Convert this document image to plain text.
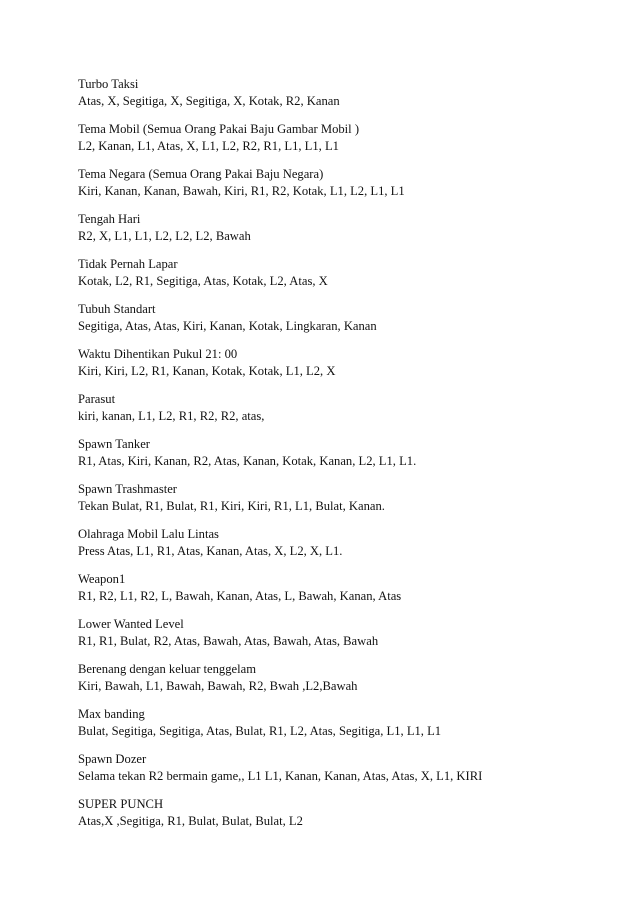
Turbo Taksi
Atas, X, Segitiga, X, Segitiga, X, Kotak, R2, Kanan
Tema Mobil (Semua Orang Pakai Baju Gambar Mobil )
L2, Kanan, L1, Atas, X, L1, L2, R2, R1, L1, L1, L1
Tema Negara (Semua Orang Pakai Baju Negara)
Kiri, Kanan, Kanan, Bawah, Kiri, R1, R2, Kotak, L1, L2, L1, L1
Tengah Hari
R2, X, L1, L1, L2, L2, L2, Bawah
Tidak Pernah Lapar
Kotak, L2, R1, Segitiga, Atas, Kotak, L2, Atas, X
Tubuh Standart
Segitiga, Atas, Atas, Kiri, Kanan, Kotak, Lingkaran, Kanan
Waktu Dihentikan Pukul 21: 00
Kiri, Kiri, L2, R1, Kanan, Kotak, Kotak, L1, L2, X
Parasut
kiri, kanan, L1, L2, R1, R2, R2, atas,
Spawn Tanker
R1, Atas, Kiri, Kanan, R2, Atas, Kanan, Kotak, Kanan, L2, L1, L1.
Spawn Trashmaster
Tekan Bulat, R1, Bulat, R1, Kiri, Kiri, R1, L1, Bulat, Kanan.
Olahraga Mobil Lalu Lintas
Press Atas, L1, R1, Atas, Kanan, Atas, X, L2, X, L1.
Weapon1
R1, R2, L1, R2, L, Bawah, Kanan, Atas, L, Bawah, Kanan, Atas
Lower Wanted Level
R1, R1, Bulat, R2, Atas, Bawah, Atas, Bawah, Atas, Bawah
Berenang dengan keluar tenggelam
Kiri, Bawah, L1, Bawah, Bawah, R2, Bwah ,L2,Bawah
Max banding
Bulat, Segitiga, Segitiga, Atas, Bulat, R1, L2, Atas, Segitiga, L1, L1, L1
Spawn Dozer
Selama tekan R2 bermain game,, L1 L1, Kanan, Kanan, Atas, Atas, X, L1, KIRI
SUPER PUNCH
Atas,X ,Segitiga, R1, Bulat, Bulat, Bulat, L2
